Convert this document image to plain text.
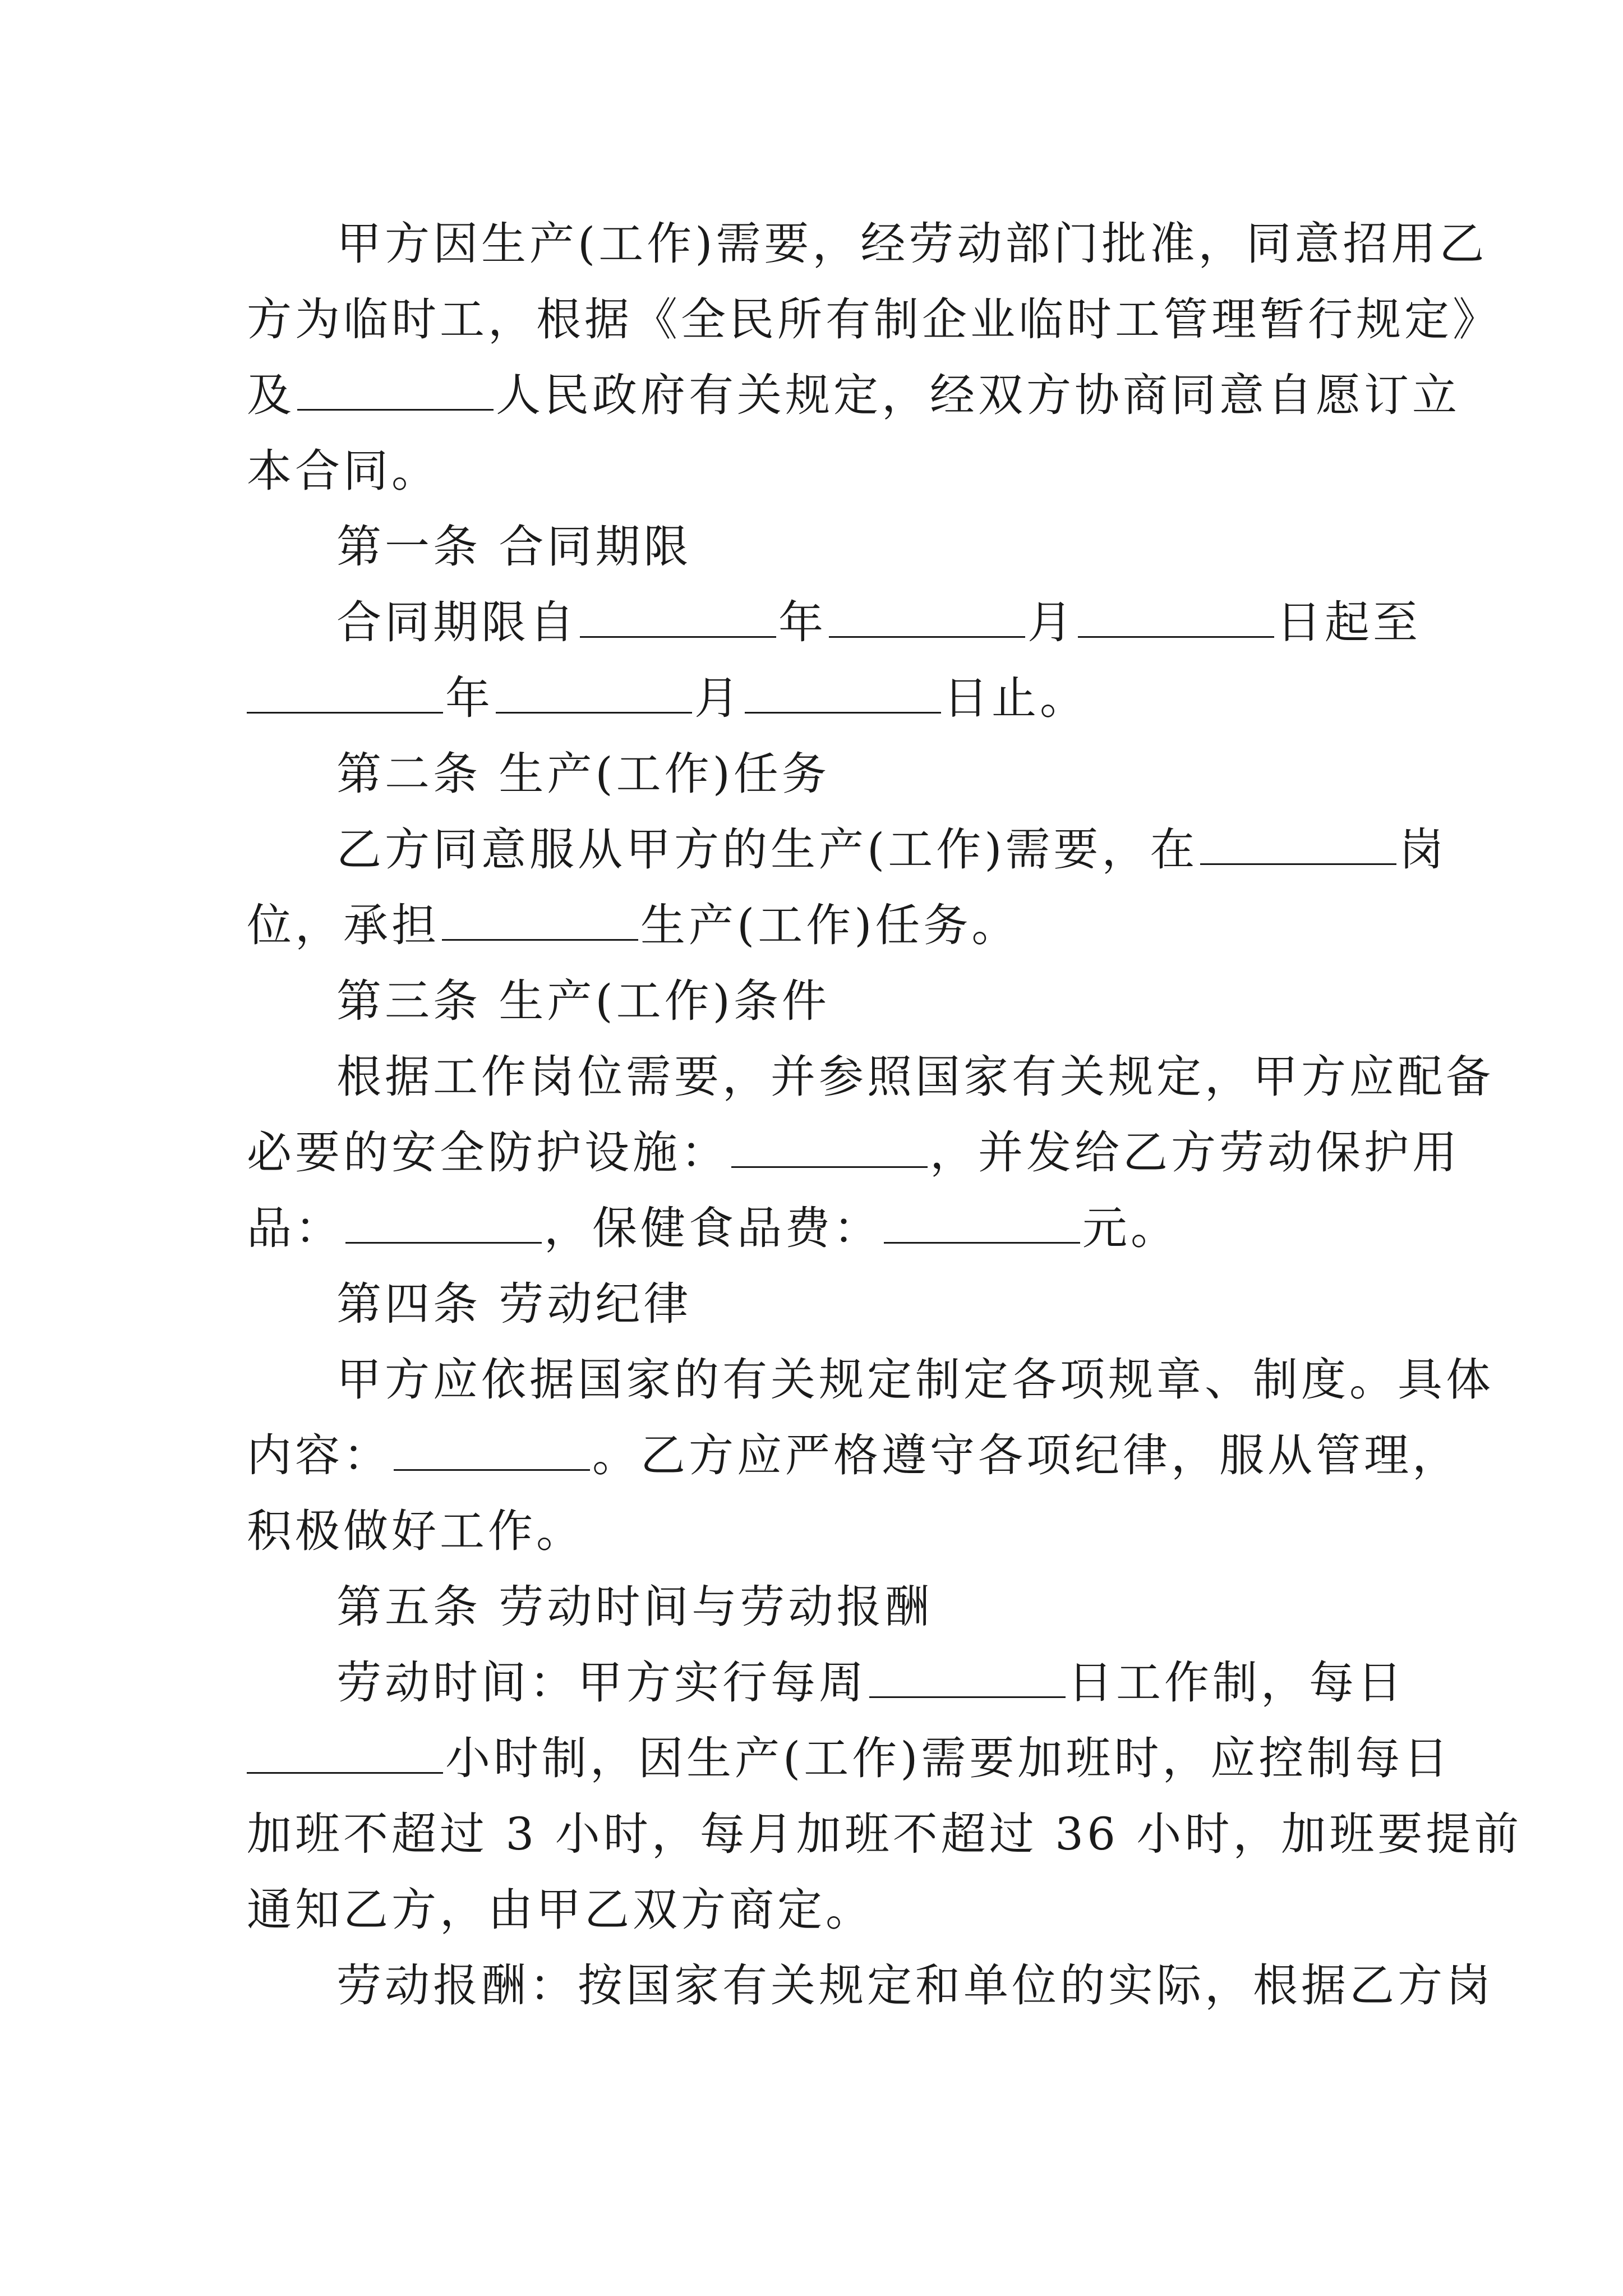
甲方因生产(工作)需要，经劳动部门批准，同意招用乙
方为临时工，根据《全民所有制企业临时工管理暂行规定》
及	人民政府有关规定，经双方协商同意自愿订立
本合同。
第一条 合同期限
合同期限自	年	月	日起至
年	月	日止。
第二条 生产(工作)任务
乙方同意服从甲方的生产(工作)需要，在	岗
位，承担	生产(工作)任务。
第三条 生产(工作)条件
根据工作岗位需要，并参照国家有关规定，甲方应配备
必要的安全防护设施：	，并发给乙方劳动保护用
品：	，保健食品费：	元。
第四条 劳动纪律
甲方应依据国家的有关规定制定各项规章、制度。具体
内容：	。乙方应严格遵守各项纪律，服从管理，
积极做好工作。
第五条 劳动时间与劳动报酬
劳动时间：甲方实行每周	日工作制，每日
小时制，因生产(工作)需要加班时，应控制每日
加班不超过 3 小时，每月加班不超过 36 小时，加班要提前
通知乙方，由甲乙双方商定。
劳动报酬：按国家有关规定和单位的实际，根据乙方岗
